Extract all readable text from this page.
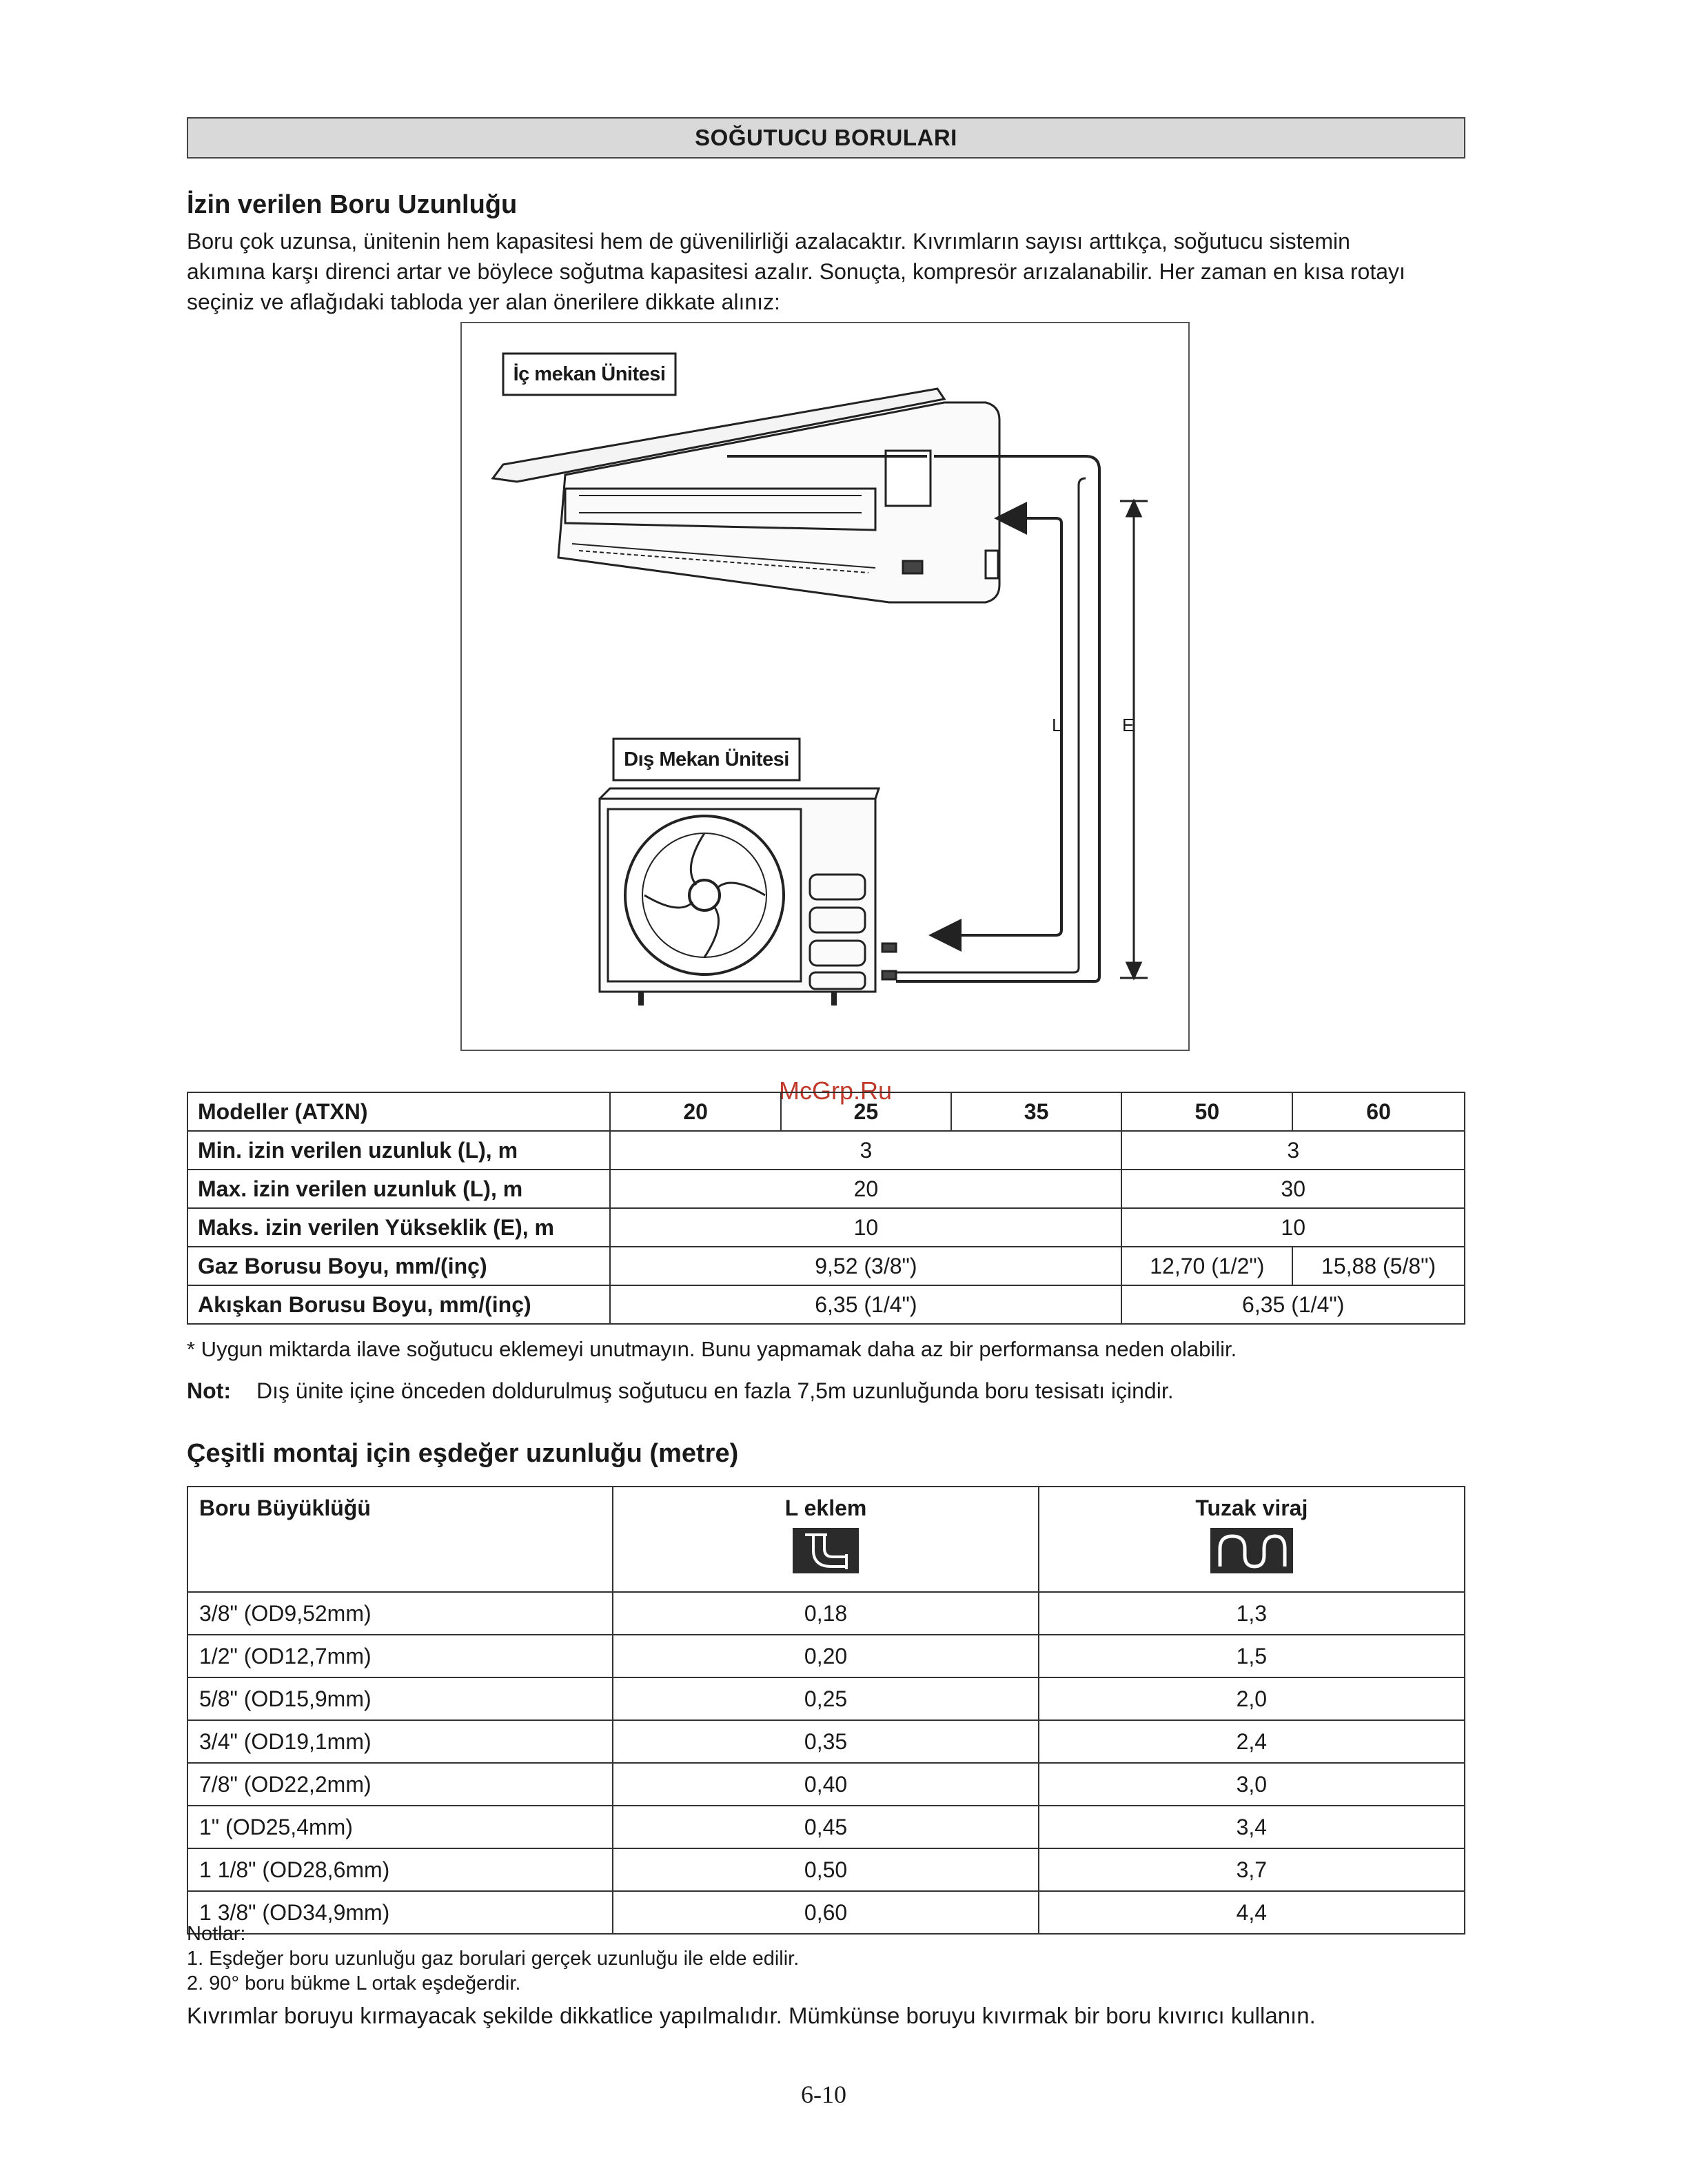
SOĞUTUCU BORULARI
İzin verilen Boru Uzunluğu
Boru çok uzunsa, ünitenin hem kapasitesi hem de güvenilirliği azalacaktır. Kıvrımların sayısı arttıkça, soğutucu sistemin
akımına karşı direnci artar ve böylece soğutma kapasitesi azalır. Sonuçta, kompresör arızalanabilir. Her zaman en kısa rotayı
seçiniz ve aflağıdaki tabloda yer alan önerilere dikkate alınız:
İç mekan Ünitesi
Dış Mekan Ünitesi
L	E
McGrp.Ru
Modeller (ATXN)	20	25	35	50	60
Min. izin verilen uzunluk (L), m	3			3	
Max. izin verilen uzunluk (L), m	20			30	
Maks. izin verilen Yükseklik (E), m	10			10	
Gaz Borusu Boyu, mm/(inç)	9,52 (3/8")			12,70 (1/2")	15,88 (5/8")
Akışkan Borusu Boyu, mm/(inç)	6,35 (1/4")			6,35 (1/4")	
* Uygun miktarda ilave soğutucu eklemeyi unutmayın. Bunu yapmamak daha az bir performansa neden olabilir.
Not: Dış ünite içine önceden doldurulmuş soğutucu en fazla 7,5m uzunluğunda boru tesisatı içindir.
Çeşitli montaj için eşdeğer uzunluğu (metre)
Boru Büyüklüğü	L eklem	Tuzak viraj

3/8" (OD9,52mm)	0,18	1,3
1/2" (OD12,7mm)	0,20	1,5
5/8" (OD15,9mm)	0,25	2,0
3/4" (OD19,1mm)	0,35	2,4
7/8" (OD22,2mm)	0,40	3,0
1" (OD25,4mm)	0,45	3,4
1 1/8" (OD28,6mm)	0,50	3,7
1 3/8" (OD34,9mm)	0,60	4,4
Notlar:
1. Eşdeğer boru uzunluğu gaz borulari gerçek uzunluğu ile elde edilir.
2. 90° boru bükme L ortak eşdeğerdir.
Kıvrımlar boruyu kırmayacak şekilde dikkatlice yapılmalıdır. Mümkünse boruyu kıvırmak bir boru kıvırıcı kullanın.
6-10
